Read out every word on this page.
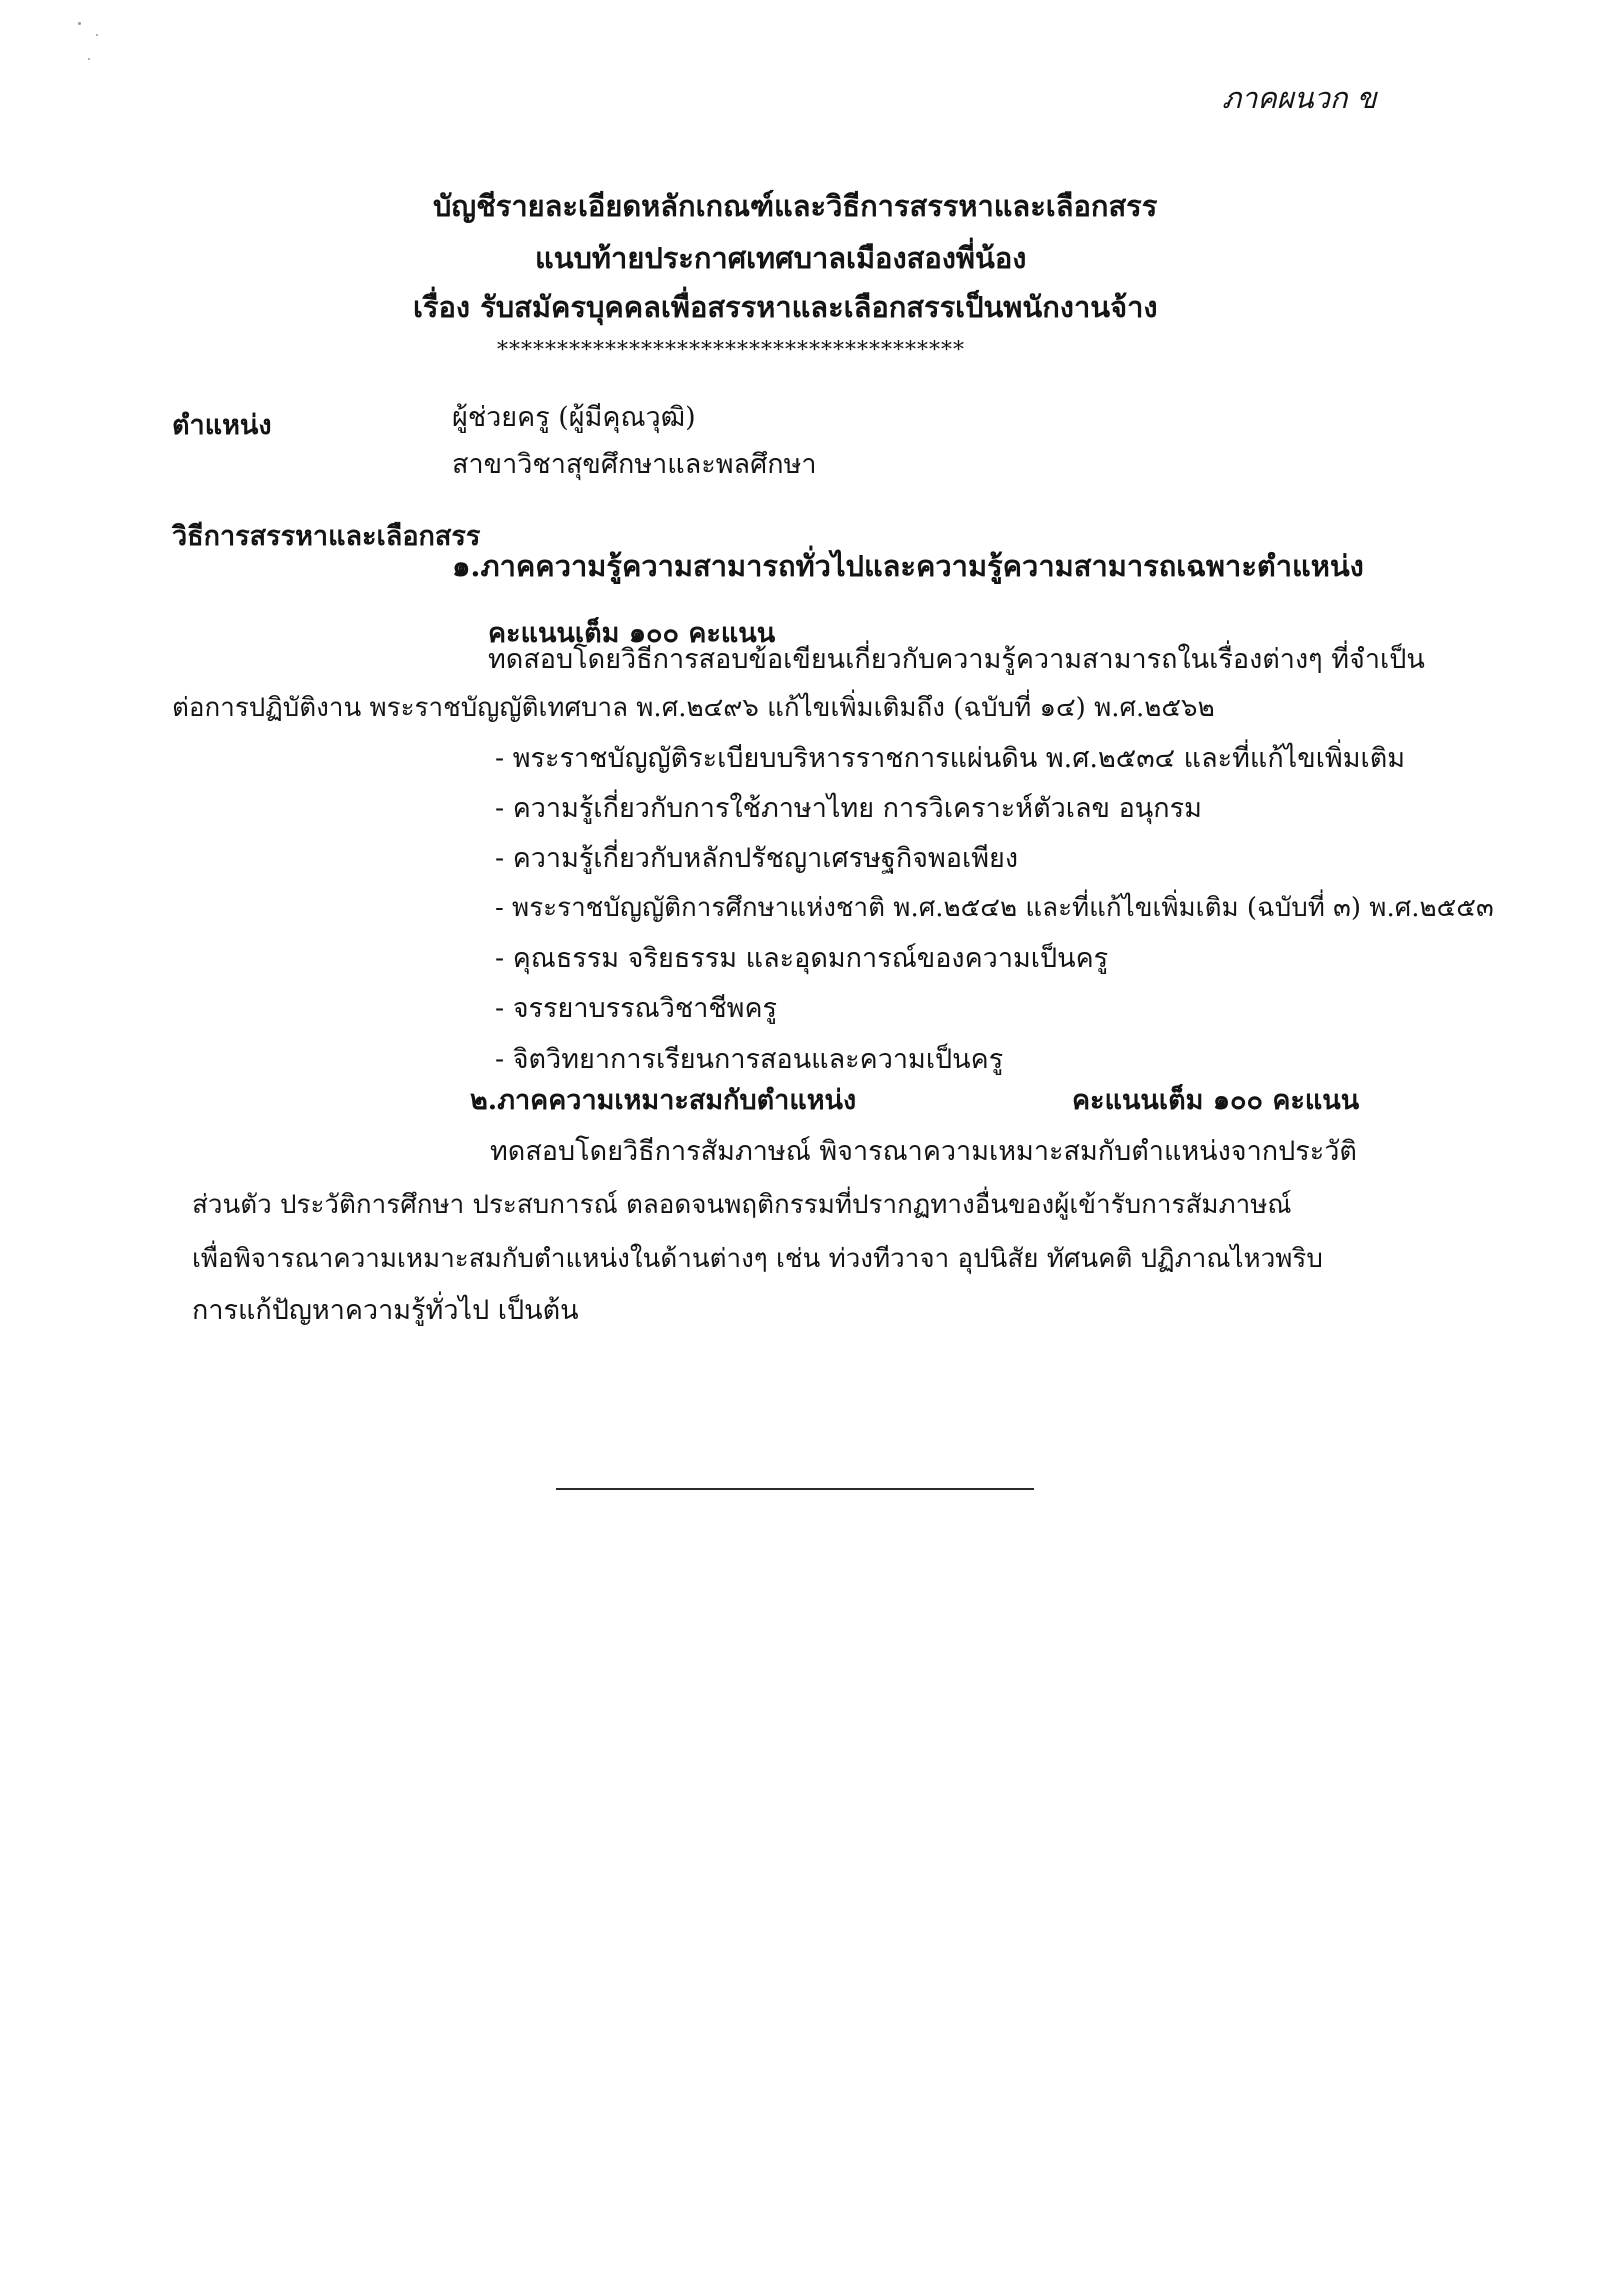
ภาคผนวก ข
บัญชีรายละเอียดหลักเกณฑ์และวิธีการสรรหาและเลือกสรร
แนบท้ายประกาศเทศบาลเมืองสองพี่น้อง
เรื่อง รับสมัครบุคคลเพื่อสรรหาและเลือกสรรเป็นพนักงานจ้าง
***************************************
ตำแหน่ง	ผู้ช่วยครู (ผู้มีคุณวุฒิ)
สาขาวิชาสุขศึกษาและพลศึกษา
วิธีการสรรหาและเลือกสรร
๑.ภาคความรู้ความสามารถทั่วไปและความรู้ความสามารถเฉพาะตำแหน่ง
คะแนนเต็ม ๑๐๐ คะแนน
ทดสอบโดยวิธีการสอบข้อเขียนเกี่ยวกับความรู้ความสามารถในเรื่องต่างๆ ที่จำเป็น
ต่อการปฏิบัติงาน พระราชบัญญัติเทศบาล พ.ศ.๒๔๙๖ แก้ไขเพิ่มเติมถึง (ฉบับที่ ๑๔) พ.ศ.๒๕๖๒
- พระราชบัญญัติระเบียบบริหารราชการแผ่นดิน พ.ศ.๒๕๓๔ และที่แก้ไขเพิ่มเติม
- ความรู้เกี่ยวกับการใช้ภาษาไทย การวิเคราะห์ตัวเลข อนุกรม
- ความรู้เกี่ยวกับหลักปรัชญาเศรษฐกิจพอเพียง
- พระราชบัญญัติการศึกษาแห่งชาติ พ.ศ.๒๕๔๒ และที่แก้ไขเพิ่มเติม (ฉบับที่ ๓) พ.ศ.๒๕๕๓
- คุณธรรม จริยธรรม และอุดมการณ์ของความเป็นครู
- จรรยาบรรณวิชาชีพครู
- จิตวิทยาการเรียนการสอนและความเป็นครู
๒.ภาคความเหมาะสมกับตำแหน่ง	คะแนนเต็ม ๑๐๐ คะแนน
ทดสอบโดยวิธีการสัมภาษณ์ พิจารณาความเหมาะสมกับตำแหน่งจากประวัติ
ส่วนตัว ประวัติการศึกษา ประสบการณ์ ตลอดจนพฤติกรรมที่ปรากฏทางอื่นของผู้เข้ารับการสัมภาษณ์
เพื่อพิจารณาความเหมาะสมกับตำแหน่งในด้านต่างๆ เช่น ท่วงทีวาจา อุปนิสัย ทัศนคติ ปฏิภาณไหวพริบ
การแก้ปัญหาความรู้ทั่วไป เป็นต้น
